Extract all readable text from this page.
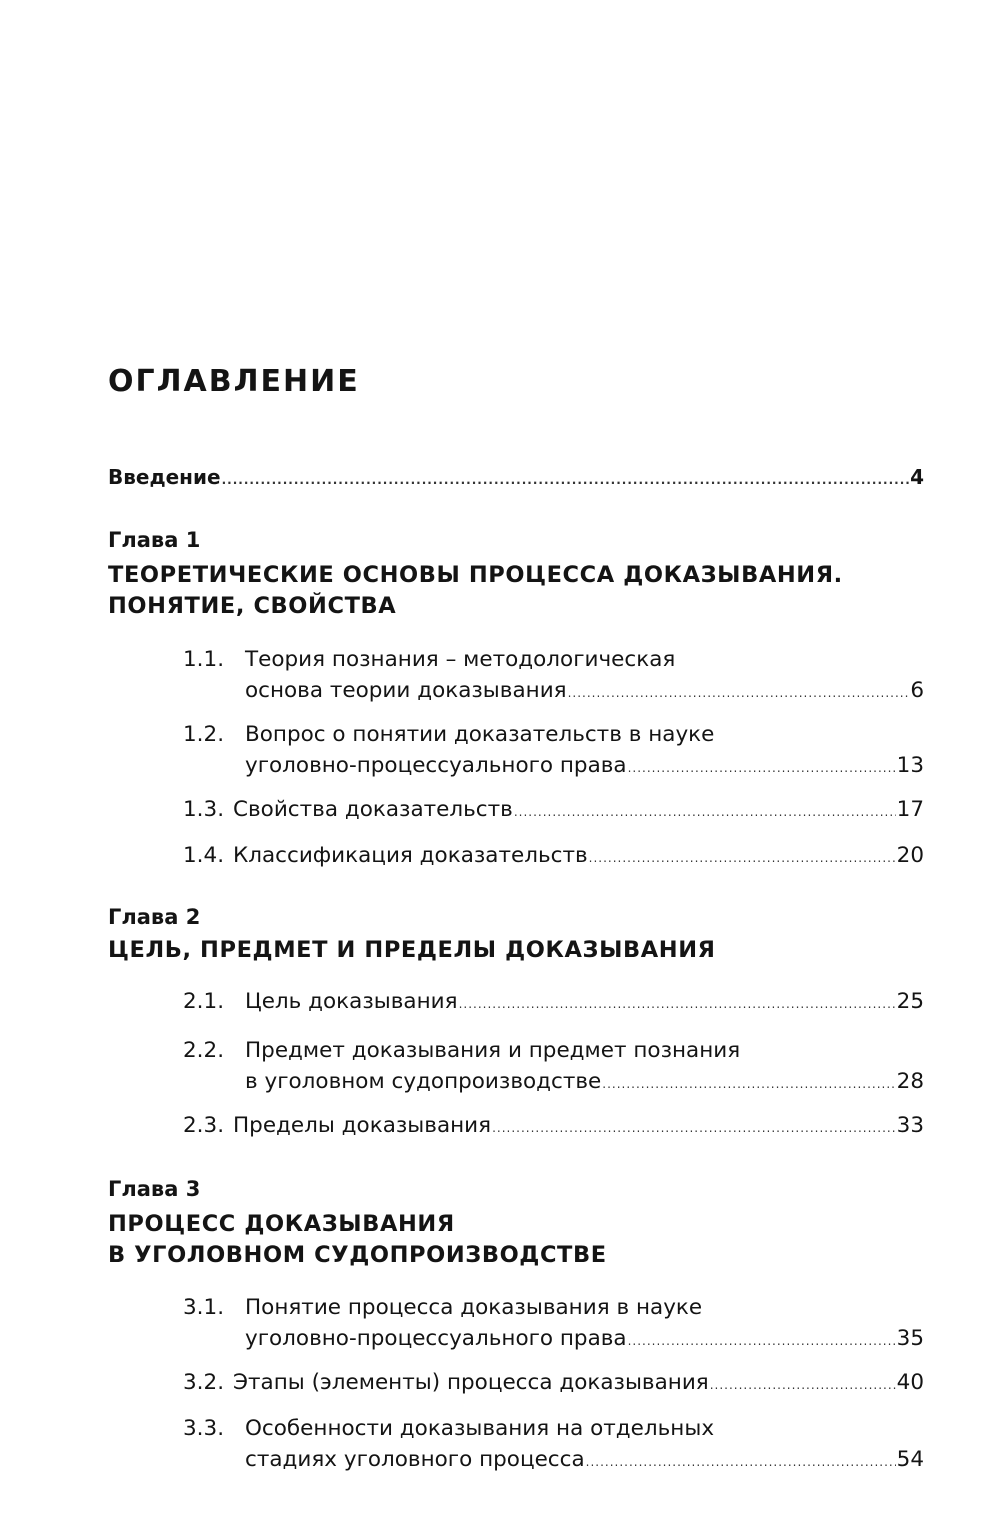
ОГЛАВЛЕНИЕ
Введение .....	4
Глава 1
ТЕОРЕТИЧЕСКИЕ ОСНОВЫ ПРОЦЕССА ДОКАЗЫВАНИЯ.
ПОНЯТИЕ, СВОЙСТВА
1.1. Теория познания – методологическая
основа теории доказывания .....	6
1.2. Вопрос о понятии доказательств в науке
уголовно-процессуального права .....	13
1.3. Свойства доказательств .....	17
1.4. Классификация доказательств .....	20
Глава 2
ЦЕЛЬ, ПРЕДМЕТ И ПРЕДЕЛЫ ДОКАЗЫВАНИЯ
2.1. Цель доказывания .....	25
2.2. Предмет доказывания и предмет познания
в уголовном судопроизводстве .....	28
2.3. Пределы доказывания .....	33
Глава 3
ПРОЦЕСС ДОКАЗЫВАНИЯ
В УГОЛОВНОМ СУДОПРОИЗВОДСТВЕ
3.1. Понятие процесса доказывания в науке
уголовно-процессуального права .....	35
3.2. Этапы (элементы) процесса доказывания .....	40
3.3. Особенности доказывания на отдельных
стадиях уголовного процесса .....	54
